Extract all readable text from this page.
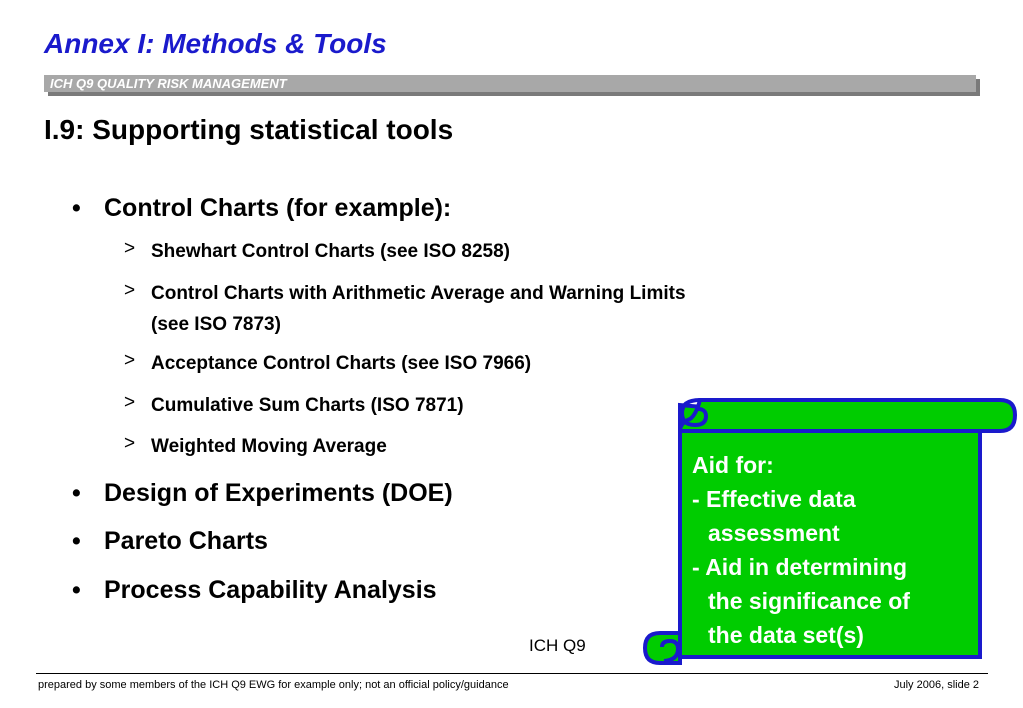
Annex I: Methods & Tools
ICH Q9 QUALITY RISK MANAGEMENT
I.9: Supporting statistical tools
• Control Charts (for example):
> Shewhart Control Charts (see ISO 8258)
> Control Charts with Arithmetic Average and Warning Limits
(see ISO 7873)
> Acceptance Control Charts (see ISO 7966)
> Cumulative Sum Charts (ISO 7871)
> Weighted Moving Average
• Design of Experiments (DOE)
• Pareto Charts
• Process Capability Analysis
Aid for:
- Effective data
assessment
- Aid in determining
the significance of
the data set(s)
ICH Q9
prepared by some members of the ICH Q9 EWG for example only; not an official policy/guidance	July 2006, slide 2
